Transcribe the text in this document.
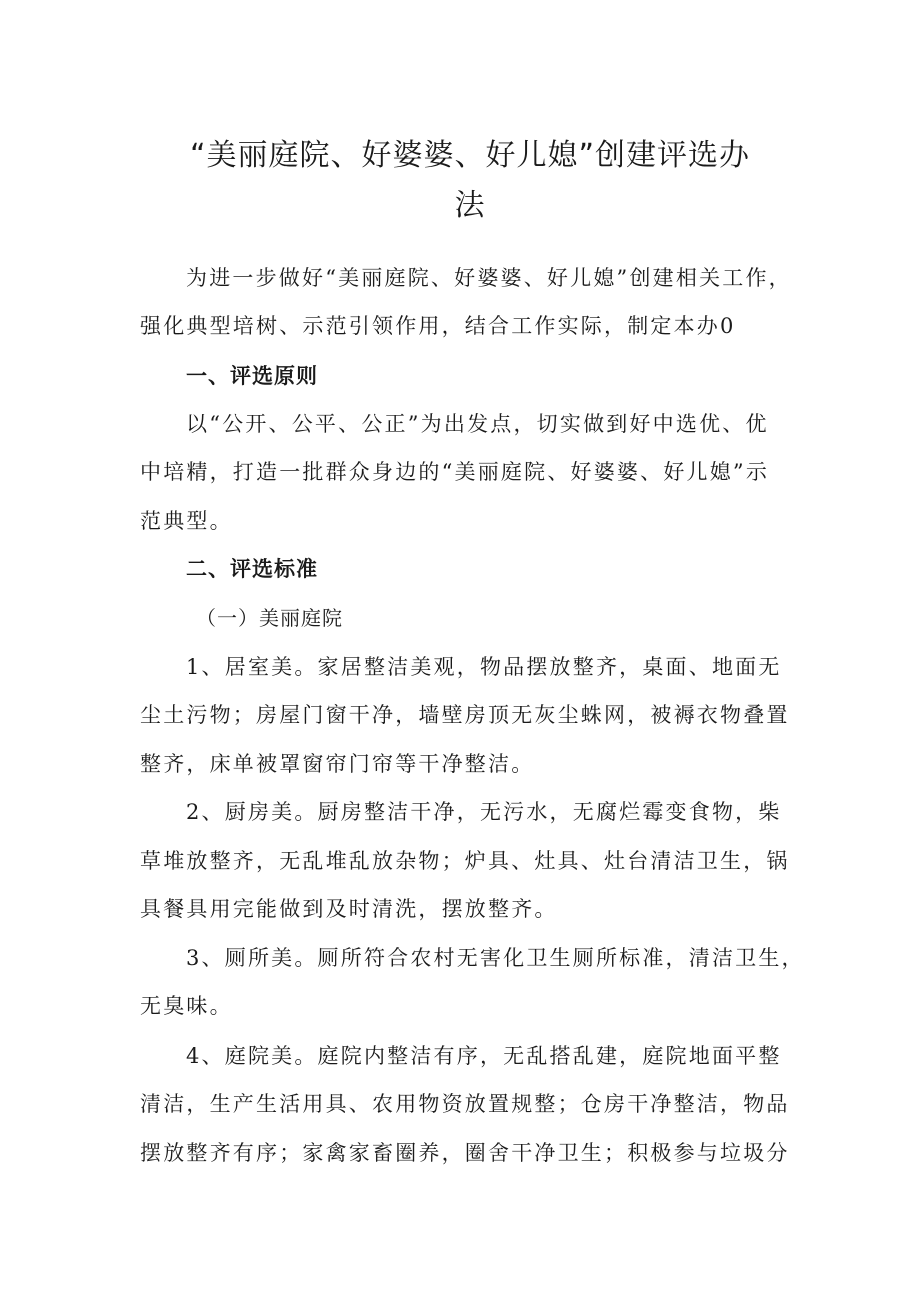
“美丽庭院、好婆婆、好儿媳”创建评选办
法
为进一步做好“美丽庭院、好婆婆、好儿媳”创建相关工作，
强化典型培树、示范引领作用，结合工作实际，制定本办0
一、评选原则
以“公开、公平、公正”为出发点，切实做到好中选优、优
中培精，打造一批群众身边的“美丽庭院、好婆婆、好儿媳”示
范典型。
二、评选标准
（一）美丽庭院
1、居室美。家居整洁美观，物品摆放整齐，桌面、地面无
尘土污物；房屋门窗干净，墙壁房顶无灰尘蛛网，被褥衣物叠置
整齐，床单被罩窗帘门帘等干净整洁。
2、厨房美。厨房整洁干净，无污水，无腐烂霉变食物，柴
草堆放整齐，无乱堆乱放杂物；炉具、灶具、灶台清洁卫生，锅
具餐具用完能做到及时清洗，摆放整齐。
3、厕所美。厕所符合农村无害化卫生厕所标准，清洁卫生，
无臭味。
4、庭院美。庭院内整洁有序，无乱搭乱建，庭院地面平整
清洁，生产生活用具、农用物资放置规整；仓房干净整洁，物品
摆放整齐有序；家禽家畜圈养，圈舍干净卫生；积极参与垃圾分
